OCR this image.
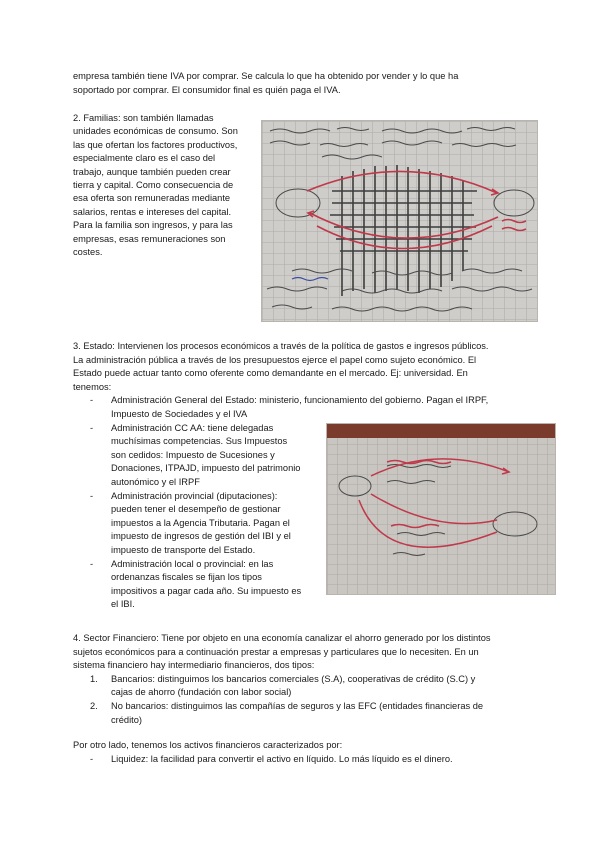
empresa también tiene IVA por comprar. Se calcula lo que ha obtenido por vender y lo que ha

soportado por comprar. El consumidor final es quién paga el IVA.

2. Familias: son también llamadas

unidades económicas de consumo. Son

las que ofertan los factores productivos,

especialmente claro es el caso del

trabajo, aunque también pueden crear

tierra y capital. Como consecuencia de

esa oferta son remuneradas mediante

salarios, rentas e intereses del capital.

Para la familia son ingresos, y para las

empresas, esas remuneraciones son

costes.

3. Estado: Intervienen los procesos económicos a través de la política de gastos e ingresos públicos.

La administración pública a través de los presupuestos ejerce el papel como sujeto económico. El

Estado puede actuar tanto como oferente como demandante en el mercado. Ej: universidad. En

tenemos:

- Administración General del Estado: ministerio, funcionamiento del gobierno. Pagan el IRPF,

Impuesto de Sociedades y el IVA

- Administración CC AA: tiene delegadas

muchísimas competencias. Sus Impuestos

son cedidos: Impuesto de Sucesiones y

Donaciones, ITPAJD, impuesto del patrimonio

autonómico y el IRPF

- Administración provincial (diputaciones):

pueden tener el desempeño de gestionar

impuestos a la Agencia Tributaria. Pagan el

impuesto de ingresos de gestión del IBI y el

impuesto de transporte del Estado.

- Administración local o provincial: en las

ordenanzas fiscales se fijan los tipos

impositivos a pagar cada año. Su impuesto es

el IBI.

4. Sector Financiero: Tiene por objeto en una economía canalizar el ahorro generado por los distintos

sujetos económicos para a continuación prestar a empresas y particulares que lo necesiten. En un

sistema financiero hay intermediario financieros, dos tipos:

1. Bancarios: distinguimos los bancarios comerciales (S.A), cooperativas de crédito (S.C) y

cajas de ahorro (fundación con labor social)

2. No bancarios: distinguimos las compañías de seguros y las EFC (entidades financieras de

crédito)

Por otro lado, tenemos los activos financieros caracterizados por:

- Liquidez: la facilidad para convertir el activo en líquido. Lo más líquido es el dinero.
